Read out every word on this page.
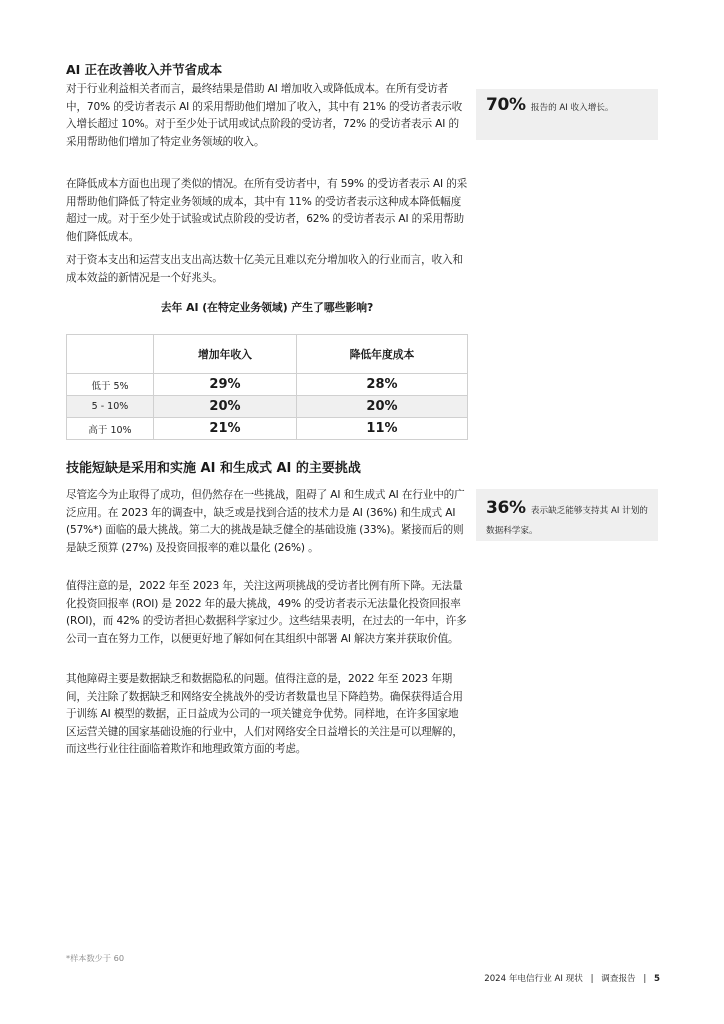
AI 正在改善收入并节省成本

对于行业利益相关者而言，最终结果是借助 AI 增加收入或降低成本。在所有受访者中，70% 的受访者表示 AI 的采用帮助他们增加了收入，其中有 21% 的受访者表示收入增长超过 10%。对于至少处于试用或试点阶段的受访者，72% 的受访者表示 AI 的采用帮助他们增加了特定业务领域的收入。

在降低成本方面也出现了类似的情况。在所有受访者中，有 59% 的受访者表示 AI 的采用帮助他们降低了特定业务领域的成本，其中有 11% 的受访者表示这种成本降低幅度超过一成。对于至少处于试验或试点阶段的受访者，62% 的受访者表示 AI 的采用帮助他们降低成本。

对于资本支出和运营支出支出高达数十亿美元且难以充分增加收入的行业而言，收入和成本效益的新情况是一个好兆头。

去年 AI (在特定业务领域) 产生了哪些影响?
	增加年收入	降低年度成本
低于 5%	29%	28%
5 - 10%	20%	20%
高于 10%	21%	11%
技能短缺是采用和实施 AI 和生成式 AI 的主要挑战

尽管迄今为止取得了成功，但仍然存在一些挑战，阻碍了 AI 和生成式 AI 在行业中的广泛应用。在 2023 年的调查中，缺乏或是找到合适的技术力是 AI (36%) 和生成式 AI (57%*) 面临的最大挑战。第二大的挑战是缺乏健全的基础设施 (33%)。紧接而后的则是缺乏预算 (27%) 及投资回报率的难以量化 (26%) 。

值得注意的是，2022 年至 2023 年，关注这两项挑战的受访者比例有所下降。无法量化投资回报率 (ROI) 是 2022 年的最大挑战，49% 的受访者表示无法量化投资回报率 (ROI)，而 42% 的受访者担心数据科学家过少。这些结果表明，在过去的一年中，许多公司一直在努力工作，以便更好地了解如何在其组织中部署 AI 解决方案并获取价值。

其他障碍主要是数据缺乏和数据隐私的问题。值得注意的是，2022 年至 2023 年期间，关注除了数据缺乏和网络安全挑战外的受访者数量也呈下降趋势。确保获得适合用于训练 AI 模型的数据，正日益成为公司的一项关键竞争优势。同样地，在许多国家地区运营关键的国家基础设施的行业中，人们对网络安全日益增长的关注是可以理解的，而这些行业往往面临着欺诈和地理政策方面的考虑。

70% 报告的 AI 收入增长。
36% 表示缺乏能够支持其 AI 计划的数据科学家。
*样本数少于 60
2024 年电信行业 AI 现状 | 调查报告 | 5
